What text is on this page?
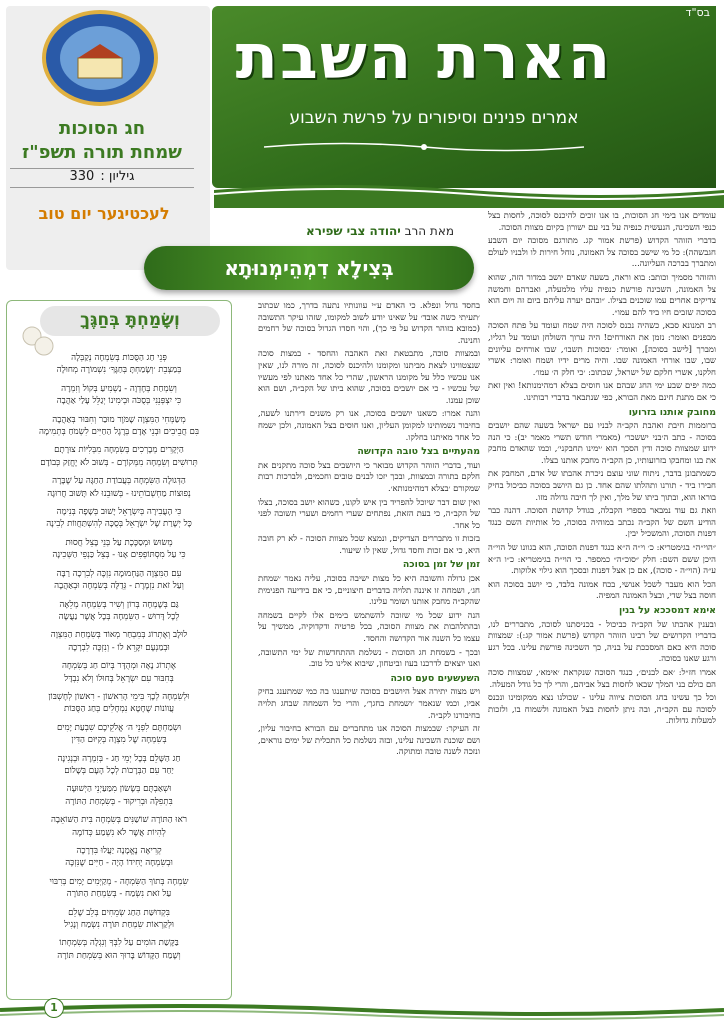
בס"ד
הארת השבת
אמרים פנינים וסיפורים על פרשת השבוע
חג הסוכות
שמחת תורה תשפ"ז
גיליון :
330
לעכטיגער יום טוב
מאת הרב יהודה צבי שפירא
בְּצִילָא דִמְהֵימְנוּתָא

עומדים אנו בימי חג הסוכות, בו אנו זוכים להיכנס לסוכה, לחסות בצל כנפי השכינה, הנעשית כנפיה על בני עם ישורון בקיום מצוות הסוכה.

בדברי הזוהר הקדוש (פרשת אמור קג. מתורגם מסוכה יום השבע חגבשהה): כל מי שישב בסוכה צל האמונה, נוחל חירות לו ולבניו לעולם ומתברך בברכה העליונה...

והזוהר מסמיך וכותב: בוא וראה, בשעה שאדם יושב במדור הזה, שהוא צל האמונה, השכינה פורשת כנפיה עליו מלמעלה, ואברהם וחמשה צדיקים אחרים עמו שוכנים בצילו. ״ובהם יערה עליהם ביום זה ויום הוא בסוכה שזבים חיו ביד להם עמו״.

רב המנונא סבא, כשהיה נכנס לסוכה היה שמח ועומד על פתח הסוכה מבפנים ואומר: נזמן את האורחים! היה ערוך השולחן ועומד על רגליו, ומברך [לישב בסוכה], ואומר: ׳בסוכות תשבו׳, שבו אורחים עליונים שבו, שבו אורחי האמונה שבו. והיה מרים ידיו ושמח ואומר: אשרי חלקנו, אשרי חלקם של ישראל, שכתוב: ׳כי חלק ה׳ עמו׳.

כמה יפים שבע ימי החג שבהם אנו חוסים בצלא דמהימנותא! ואין זאת כי אם מתנת חינם מאת הבורא, כפי שנתבאר בדברי רבותינו.

מחובק אותנו בזרועו

ברוממות חיבת ואהבת הקב״ה לבניו עם ישראל בשעה שהם יושבים בסוכה - כתב ה׳בני יששכר׳ (מאמרי חודש תשרי מאמר יב): כי הנה ידוע שמצוות סוכה ודין הסכך הוא ׳ימינו תחבקני׳, וכמו שהאדם מחבק את בנו ומחבקו בזרועותיו, כן הקב״ה מחבק אותנו בצלו.

כשמתבונן בדבר, ניתוח שוני עוצם ניכרת אהבתו של אדם, המחבק את חבירו ביד - תורנו ותהלתו שהם אחד. כן גם היושב בסוכה כביכול בחיק בוראו הוא, ובתוך ביתו של מלך, ואין לך חיבה גדולה מזו.

וזאת גם עוד נמבאר בספרי הקבלה, בגודל קדושת הסוכה. דהנה כבר הודיע השם של הקב״ה נכתב במוהיה בסוכה, כל אותיות השם כנגד דפנות הסוכה, והמשכיל יבין.

״הוי״ה״ בגימטריא: כ׳ וי״ה ה״א כנגד דפנות הסוכה, הוא בגוונו של הוי״ה היכן ששם השם: חלק ״סוכ״ה״ כמספר. כי הוי״ה בגימטריא: כ״ו ה״א ע״ה (הוי״ה - סוכה), אם כן אצל דפנות ובסכך הוא גילוי אלוקות.

הכל הוא מעבר לשכל אנושי, בכח אמונה בלבד, כי יושב בסוכה הוא חוסה בצל שדי, ובצל האמונה המפיה.

אימא דמסככא על בנין

ובענין אהבתו של הקב״ה כביכול - בכניסתנו לסוכה, מתבררים לנו, בדבריו הקדושים של רבינו הזוהר הקדוש (פרשת אמור קג:): שמצוות סוכה היא כאם המסככת על בניה, כך השכינה פורשת עלינו. בכל רגע ורגע שאנו בסוכה.

אמרו חז״ל: ׳אם לבנים׳, כנגד הסוכה שנקראת ׳אימא׳, שמצוות סוכה הם כולם בני המלך שבאו לחסות בצל אביהם, והרי לך כל גודל המעלה.

וכל כך עשינו בחג הסוכות ציווה עלינו - שכולנו נצא ממקומינו ונכנס לסוכה עם הקב״ה, ובה ניתן לחסות בצל האמונה ולשמוח בו, ולזכות למעלות גדולות.

בחסד גדול ונפלא. כי האדם ע״י עוונותיו נתעה בדרך, כמו שכתוב ׳תעיתי כשה אובד׳ על שאינו יודע לשוב למקומו, שזהו עיקר התשובה (כמובא בזוהר הקדוש על פי כך), והוי חסדו הגדול בסוכה של רחמים וחנינה.

ובמצוות סוכה, מתבטאת זאת האהבה והחסד - במצות סוכה שנצטווינו לצאת מביתנו ומקומנו ולהיכנס לסוכה, זה מורה לנו, שאין אנו עכשיו כלל על מקומנו הראשון, שהרי כל אחד מאתנו לפי מעשיו של עכשיו - כי אם יושבים בסוכה, שהוא ביתו של הקב״ה, ושם הוא שוכן עמנו.

והנה אמרו: כשאנו יושבים בסוכה, אנו רק משנים דירתנו לשעה, בחיבור נשמותינו למקומן העליון, ואנו חוסים בצל האמונה, ולכן ישמח כל אחד מאיתנו בחלקו.

מהעתיים בצל טובה הקדושה

ועוד, בדברי הזוהר הקדוש מבואר כי היושבים בצל סוכה מתקנים את חלקם בתורה ובמצוות, ובכך יזכו לבנים טובים וחכמים, ולברכות רבות שמקורם ׳בצלא דמהימנותא׳.

ואין שום דבר שיוכל להפריד בין איש לקונו, כשהוא יושב בסוכה, בצלו של הקב״ה, כי בעת הזאת, נפתחים שערי רחמים ושערי תשובה לפני כל אחד.

בזכות זו מתבררים הצדיקים, ונמצא שכל מצוות הסוכה - לא רק חובה היא, כי אם זכות וחסד גדול, שאין לו שיעור.

זמן של זמן בסוכה

אכן גדולה וחשובה היא כל מצות ישיבה בסוכה, עליה נאמר ׳שמחת חג׳, ושמחה זו איננה תלויה בדברים חיצוניים, כי אם בידיעה הפנימית שהקב״ה מחבק אותנו ושומר עלינו.

הנה ידוע שכל מי שזוכה להשתמש בימים אלו לקיים בשמחה ובהתלהבות את מצוות הסוכה, בכל פרטיה ודקדוקיה, ממשיך על עצמו כל השנה אור הקדושה והחסד.

ובכך - בשמחת חג הסוכות - נשלמת ההתחדשות של ימי התשובה, ואנו יוצאים לדרכנו בעוז וביטחון, שיבוא אלינו כל טוב.

השעשעים סעם סוכה

ויש מצוה יתירה אצל היושבים בסוכה שיתענגו בה כמי שמתענג בחיק אביו, וכמו שנאמר ׳ושמחת בחגך׳, והרי כל השמחה שבחג תלויה בחיבורנו לקב״ה.

זה העיקר: שבמצות הסוכה אנו מתחברים עם הבורא בחיבור עליון, ושם שוכנת השכינה עלינו, ובזה נשלמת כל התכלית של ימים נוראים, ונזכה לשנה טובה ומתוקה.

וְשָׂמַחְתָּ בְּחַגֶּךָ
פְּנֵי חַג הַסֻּכּוֹת בְּשִׂמְחָה נְקַבְּלָה
בְּמַצְּבֵת ׳וְשָׂמַחְתָּ בְּחַגֶּךָ׳ נִשְׁמוֹרָה מְחוּלָה
וְשִׂמְחַת בְּחֶדְוָה - נַשְׁמִיעַ בְּקוֹל וְזִמְרָה
כִּי יִצְפְּנֵנִי בְּסֻכֹּה וּבְימִינוֹ יְגַלֵּל עָלַי אַהֲבָה
מְשַׂמְּחִי הַמִּצְוָה שָׁמֹּוֶר מוּבַר וְחִבּוּר בְּאַהֲבָה
בִּם חֲבֵיבִים וּבְנֵי אָדָם בְּרֶגֶל הַחַיִּים לִשְׂמֹחַ בְּתְמִימָה
הַיְקָרִים מְבָרְכִים בְּשִׂמְחָה מִבְּלִיּוֹת צוּרָתָם
תְּרוּשִׁים וְשִׂמְחָה מִמְּקוֹרָם - בְּשׁוּב לֹא יֶחֱזַק כְּבוֹדָם
הַדְּגוּלָה הַשִּׂמְחָה בְּעֲבוֹדַת הַחַגָּה עַל שֶׁבָּרָה
נְפוּצוֹת מַחְשְׁבוֹתֵינוּ - בְּשׁוּבֵנוּ לֹא תָּשׁוּב חֲרוּגָה
כִּי הָעֲבִירָה בְּיִשְׂרָאֵל יָשׁוּב בְּשָׁפָה בְּנִימָה
כָּל יְשָׁרַת שֶׁל יִשְׂרָאֵל בְּסֻכָּה לְהִשְׁתַּחֲווֹת לְבִינָה
מְשׂוּשׂ וּמְסַכֶּכֶת עַל בְּנֵי בָּצֵל חֲסוּת
כִּי עַל מִסְתּוֹפְפִים אָנוּ - בְּצֵל כַּנְפֵי הַשְּׁכִינָה
עִם הַמִּצְוָה הַנַּחְמוּמָה נִזְכֶּה לְבִרְכָה רַבָּה
וְעַל זֹאת נִזְמֶרֶת - גְּדֻלָּה בְּשִׂמְחָה וּבְאַהֲבָה
גַּם בְּשָׁמְחָה בְּרוֹן וְשִׁיר בְּשִׂמְחָה מְלֵאָה
לְכָל דָּרוּשׁ - הַשִּׂמְחָה בְּכָל אֲשֶׁר נַעֲשָׂה
לוּלָב וְאֶתְרוֹג בְּמִבְחַר מְאוֹד בְּשִׂמְחַת הַמִּצְוָה
וּבְמַנְעָם יִקָּרֵא לוֹ - וְנִזְכֶּה לִבְרָכָה
אֶתְרוֹג נָאָה וּמְהֻדָּר בְּיוֹם חַג בְּשִׂמְחָה
בְּחִבּוּר עִם יִשְׂרָאֵל בְּחוּלוֹ וְלֹא נִבְדָּל
וּלְשִׂמְחָה לְכָךְ בִּימֵי הָרִאשׁוֹן - רִאשׁוֹן לְחֶשְׁבּוֹן
עֲווֹנוֹת שֶׁחָטָא נִמְחָלִים בְּחַג הַסֻּכּוֹת
וּשְׂמַחְתֶּם לִפְנֵי ה׳ אֱלֹקֵיכֶם שִׁבְעַת יָמִים
בְּשִׂמְחָה שֶׁל מִצְוָה בְּקִיּוּם הַדִּין
חַג הַשָּׁלֵם בְּכָל יְמֵי חַג - בְּזִמְרָה וּבְנְגִינָה
יַחַד עִם הַבְּרָכוֹת לְכָל הָעָם בְּשָׁלוֹם
וּשְׁאַבְתֶּם בְּשָׂשׂוֹן מִמַּעַיְנֵי הַיְשׁוּעָה
בִּתְפִלָּה וּבְרִיקוּד - בְּשִׂמְחַת הַתּוֹרָה
רֹאוּ הַתּוֹרָה שׁוֹשַׁנִּים בְּשִׂמְחָה בִּית הַשּׁוֹאֵבָה
לְהִיוֹת אֲשֶׁר לֹא נִשְׁמַע כְּדוֹמֶה
קְרִיאָה נֶאֱמָנָה יַעֲלוּ בִּדְרָכָה
וּבְשִׂמְחָה יָחִידוֹ הָיָה - חַיִּים שֶׁנִּזְכֶּה
שִׂמְחָה בְּתוֹךְ הַשִּׂמְחָה - מְקַיְּמִים יָמִים בְּרִבּוּי
עַל זֹאת נִשְׂמַח - בְּשִׂמְחַת הַתּוֹרָה
בִּקְדוּשַּׁת הַחַג שְׂמֵחִים בְּלֵב שָׁלֵם
וּלְקַרְאוֹת שִׂמְחַת תּוֹרָה נִשְׂמַח וְנָגִיל
בַּקָּשַׁת הוֹמִים עַל לִבְּךָ וְנִגְלָה בְּשִׂמְחָתוֹ
וְשָׁמַח הַקָּדוֹשׁ בָּרוּךְ הוּא בְּשִׂמְחַת תּוֹרָה
1
